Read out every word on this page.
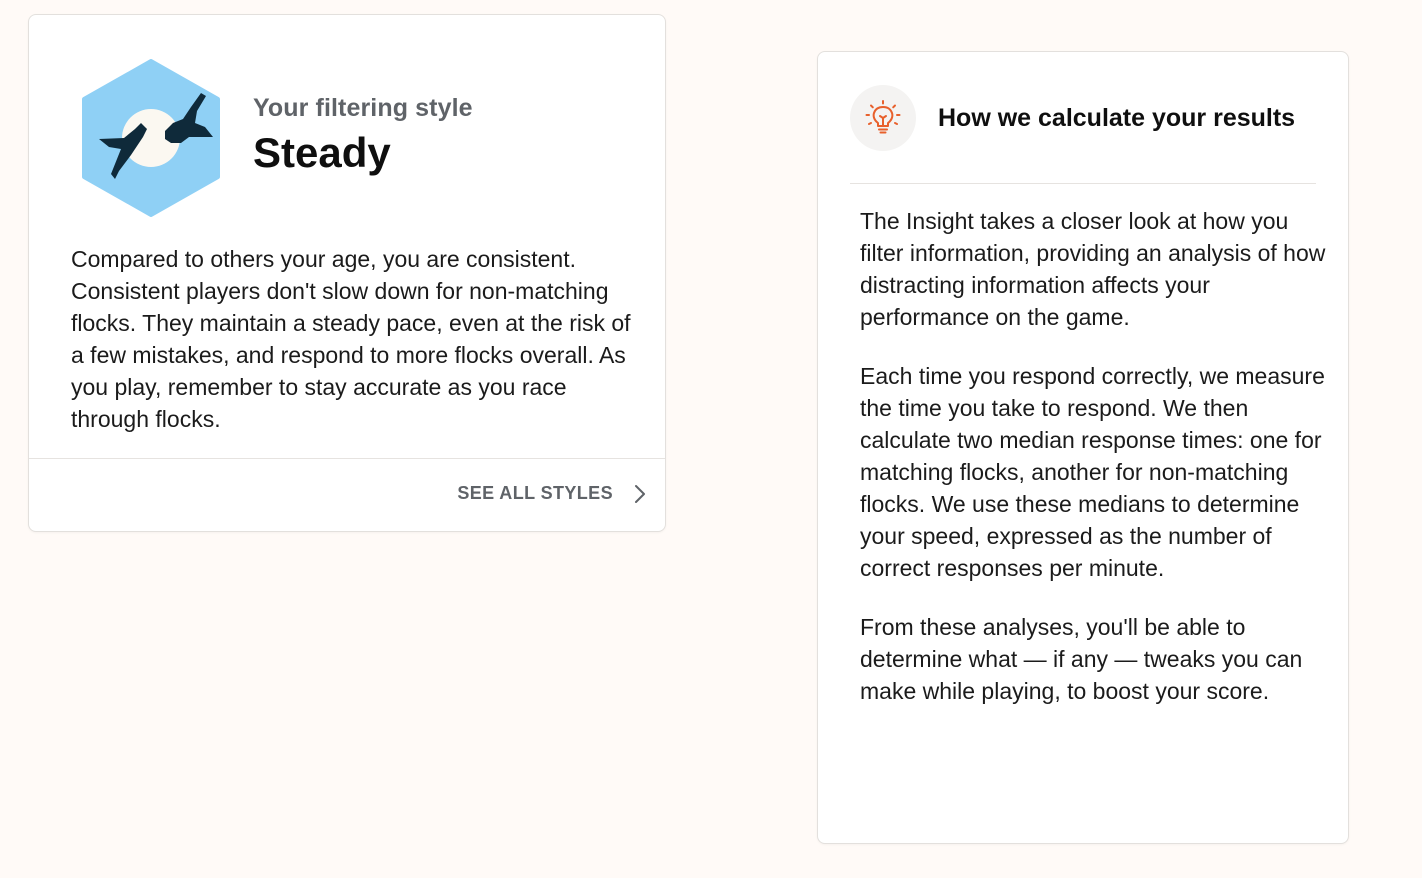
Your filtering style
Steady

Compared to others your age, you are consistent. Consistent players don't slow down for non-matching flocks. They maintain a steady pace, even at the risk of a few mistakes, and respond to more flocks overall. As you play, remember to stay accurate as you race through flocks.

SEE ALL STYLES
How we calculate your results

The Insight takes a closer look at how you filter information, providing an analysis of how distracting information affects your performance on the game.

Each time you respond correctly, we measure the time you take to respond. We then calculate two median response times: one for matching flocks, another for non-matching flocks. We use these medians to determine your speed, expressed as the number of correct responses per minute.

From these analyses, you'll be able to determine what — if any — tweaks you can make while playing, to boost your score.
